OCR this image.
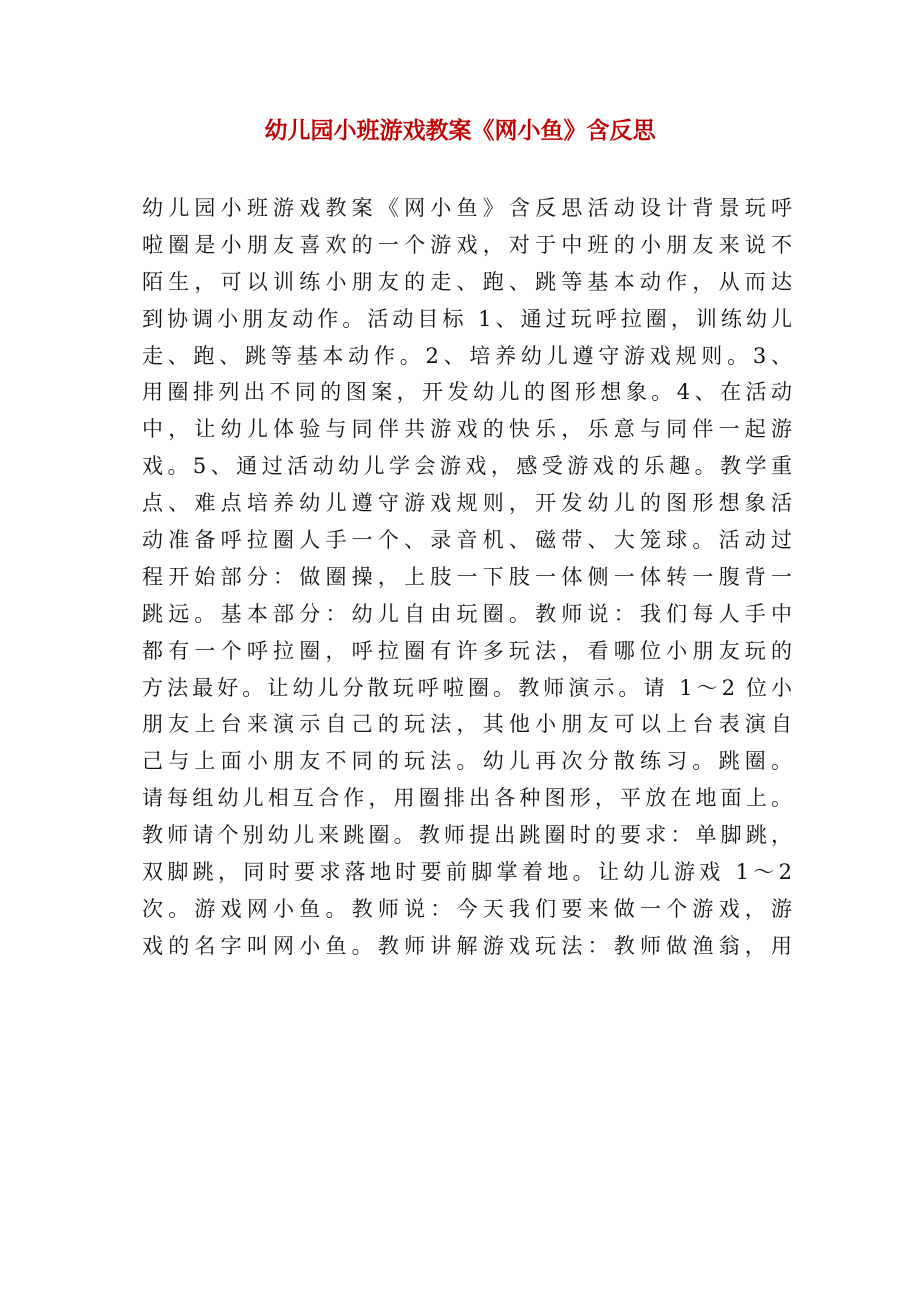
幼儿园小班游戏教案《网小鱼》含反思
幼儿园小班游戏教案《网小鱼》含反思活动设计背景玩呼
啦圈是小朋友喜欢的一个游戏，对于中班的小朋友来说不
陌生，可以训练小朋友的走、跑、跳等基本动作，从而达
到协调小朋友动作。活动目标 1、通过玩呼拉圈，训练幼儿
走、跑、跳等基本动作。2、培养幼儿遵守游戏规则。3、
用圈排列出不同的图案，开发幼儿的图形想象。4、在活动
中，让幼儿体验与同伴共游戏的快乐，乐意与同伴一起游
戏。5、通过活动幼儿学会游戏，感受游戏的乐趣。教学重
点、难点培养幼儿遵守游戏规则，开发幼儿的图形想象活
动准备呼拉圈人手一个、录音机、磁带、大笼球。活动过
程开始部分：做圈操，上肢一下肢一体侧一体转一腹背一
跳远。基本部分：幼儿自由玩圈。教师说：我们每人手中
都有一个呼拉圈，呼拉圈有许多玩法，看哪位小朋友玩的
方法最好。让幼儿分散玩呼啦圈。教师演示。请 1～2 位小
朋友上台来演示自己的玩法，其他小朋友可以上台表演自
己与上面小朋友不同的玩法。幼儿再次分散练习。跳圈。
请每组幼儿相互合作，用圈排出各种图形，平放在地面上。
教师请个别幼儿来跳圈。教师提出跳圈时的要求：单脚跳，
双脚跳，同时要求落地时要前脚掌着地。让幼儿游戏 1～2
次。游戏网小鱼。教师说：今天我们要来做一个游戏，游
戏的名字叫网小鱼。教师讲解游戏玩法：教师做渔翁，用
